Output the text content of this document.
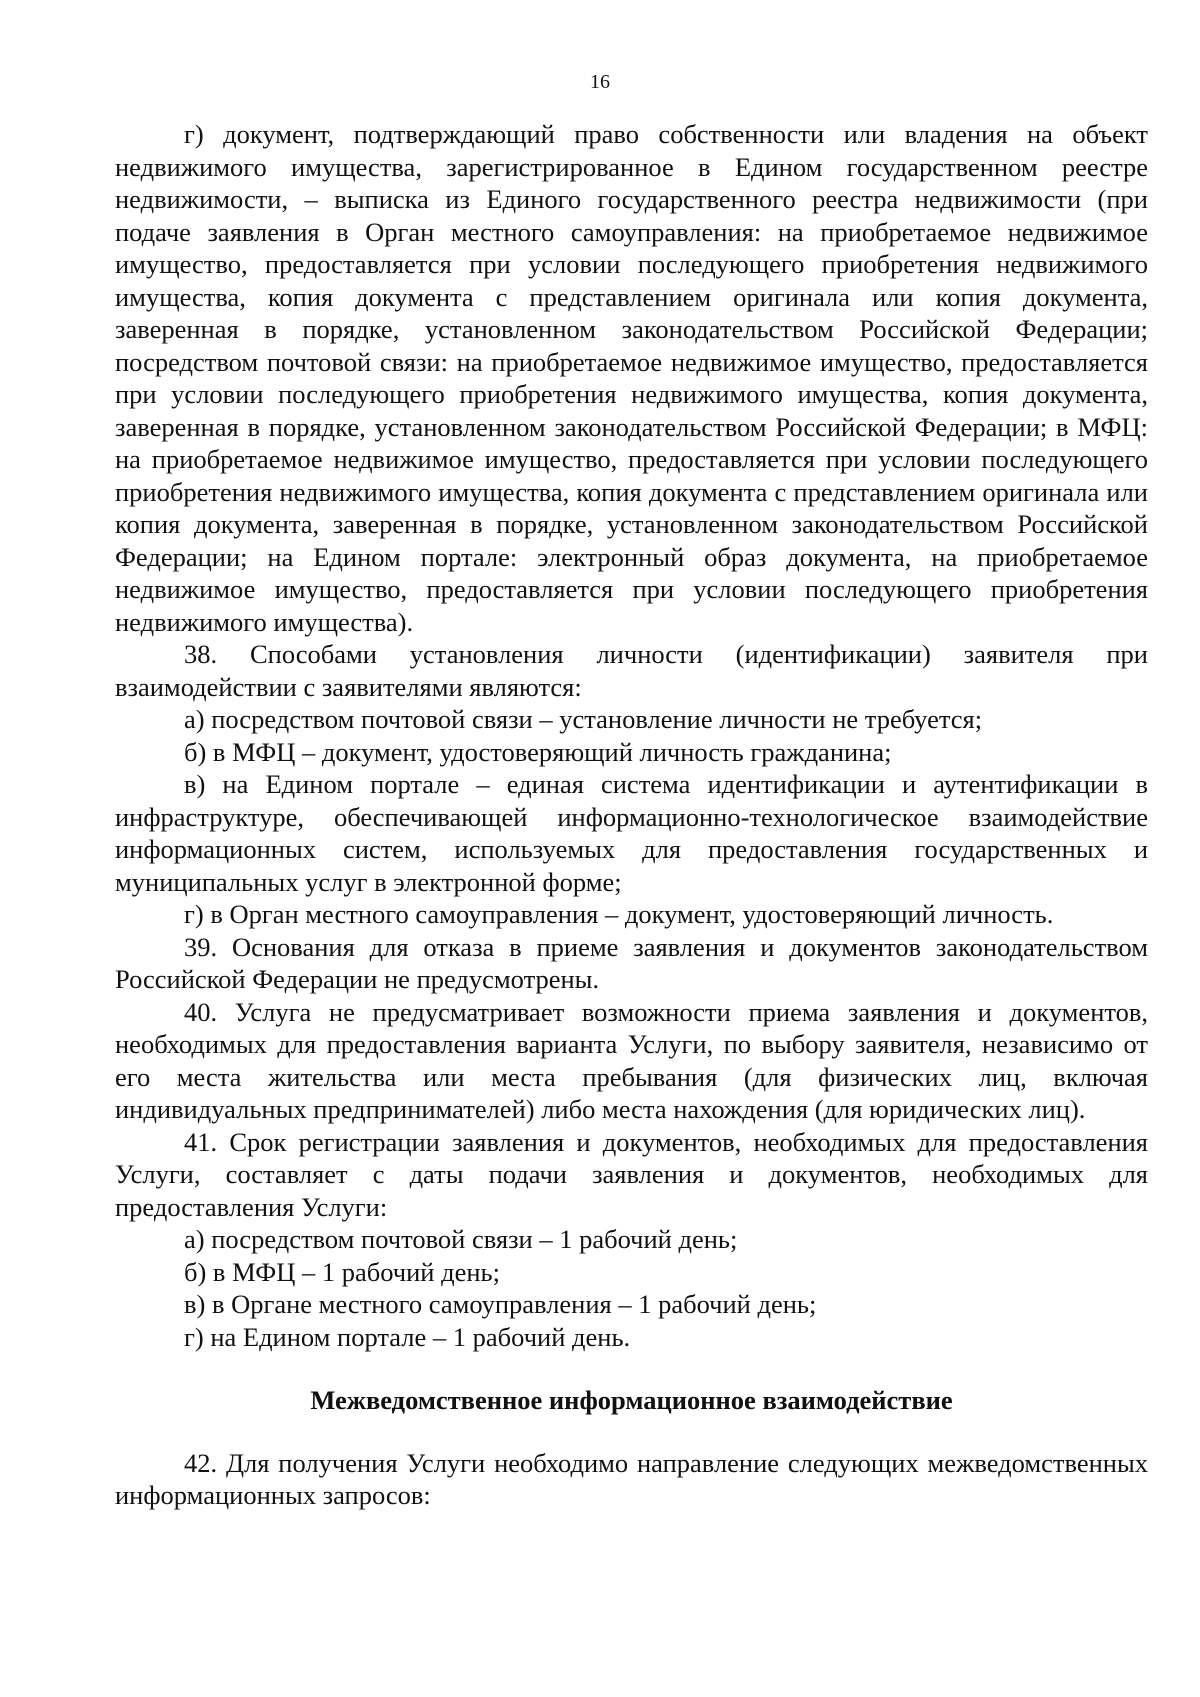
16

г) документ, подтверждающий право собственности или владения на объект недвижимого имущества, зарегистрированное в Едином государственном реестре недвижимости, – выписка из Единого государственного реестра недвижимости (при подаче заявления в Орган местного самоуправления: на приобретаемое недвижимое имущество, предоставляется при условии последующего приобретения недвижимого имущества, копия документа с представлением оригинала или копия документа, заверенная в порядке, установленном законодательством Российской Федерации; посредством почтовой связи: на приобретаемое недвижимое имущество, предоставляется при условии последующего приобретения недвижимого имущества, копия документа, заверенная в порядке, установленном законодательством Российской Федерации; в МФЦ: на приобретаемое недвижимое имущество, предоставляется при условии последующего приобретения недвижимого имущества, копия документа с представлением оригинала или копия документа, заверенная в порядке, установленном законодательством Российской Федерации; на Едином портале: электронный образ документа, на приобретаемое недвижимое имущество, предоставляется при условии последующего приобретения недвижимого имущества).

38. Способами установления личности (идентификации) заявителя при взаимодействии с заявителями являются:

а) посредством почтовой связи – установление личности не требуется;

б) в МФЦ – документ, удостоверяющий личность гражданина;

в) на Едином портале – единая система идентификации и аутентификации в инфраструктуре, обеспечивающей информационно-технологическое взаимодействие информационных систем, используемых для предоставления государственных и муниципальных услуг в электронной форме;

г) в Орган местного самоуправления – документ, удостоверяющий личность.

39. Основания для отказа в приеме заявления и документов законодательством Российской Федерации не предусмотрены.

40. Услуга не предусматривает возможности приема заявления и документов, необходимых для предоставления варианта Услуги, по выбору заявителя, независимо от его места жительства или места пребывания (для физических лиц, включая индивидуальных предпринимателей) либо места нахождения (для юридических лиц).

41. Срок регистрации заявления и документов, необходимых для предоставления Услуги, составляет с даты подачи заявления и документов, необходимых для предоставления Услуги:

а) посредством почтовой связи – 1 рабочий день;

б) в МФЦ – 1 рабочий день;

в) в Органе местного самоуправления – 1 рабочий день;

г) на Едином портале – 1 рабочий день.

Межведомственное информационное взаимодействие

42. Для получения Услуги необходимо направление следующих межведомственных информационных запросов:
